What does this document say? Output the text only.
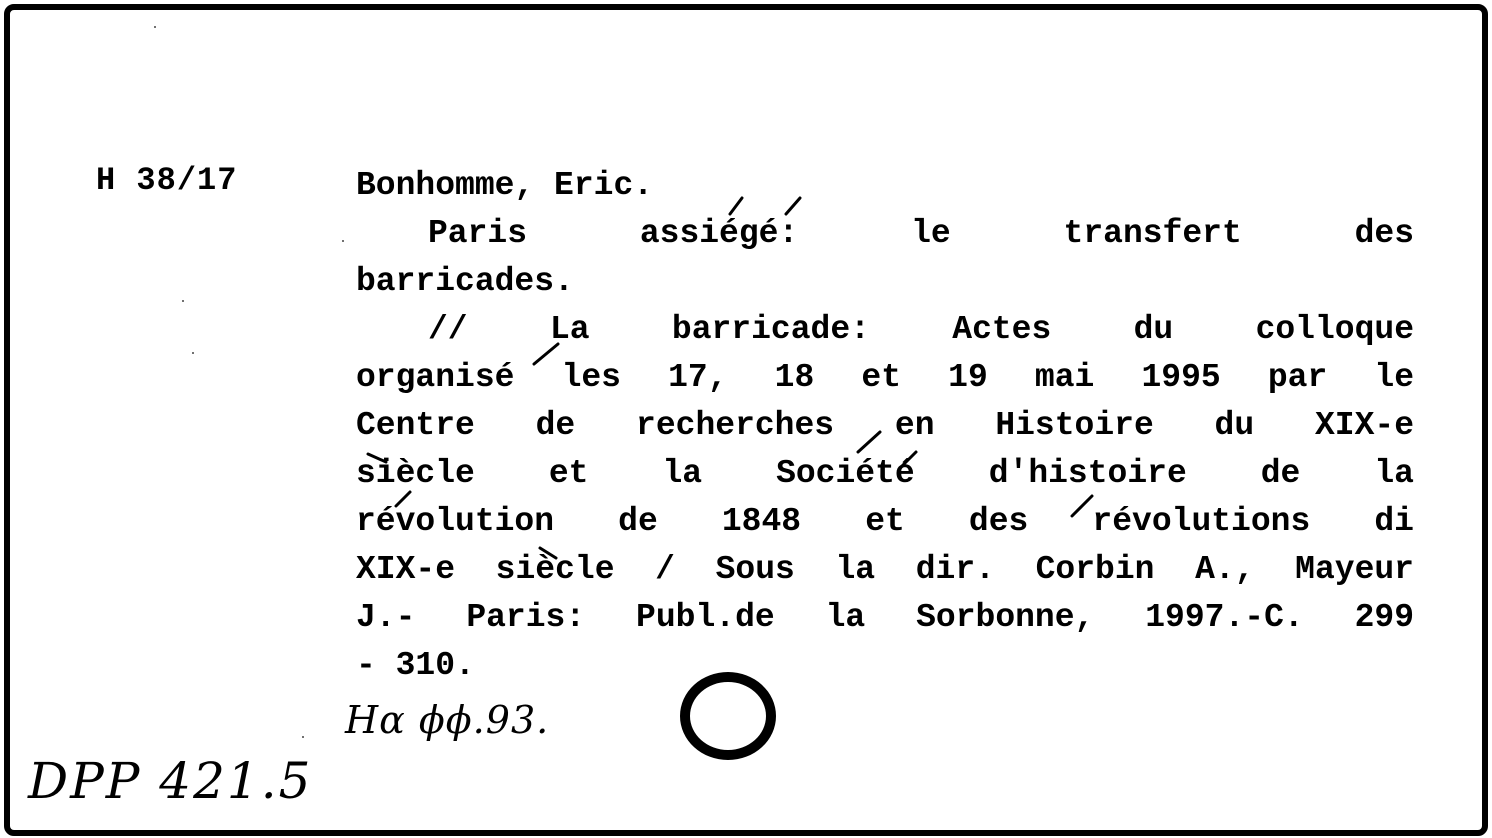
H 38/17	Bonhomme, Eric.

Paris assiégé: le transfert des

barricades.

// La barricade: Actes du colloque

organisé les 17, 18 et 19 mai 1995 par le

Centre de recherches en Histoire du XIX-e

siècle et la Société d'histoire de la

révolution de 1848 et des révolutions di

XIX-e siècle / Sous la dir. Corbin A., Mayeur

J.- Paris: Publ.de la Sorbonne, 1997.-C. 299

- 310.

Ηα ϕϕ.93.
DPP 421.5
